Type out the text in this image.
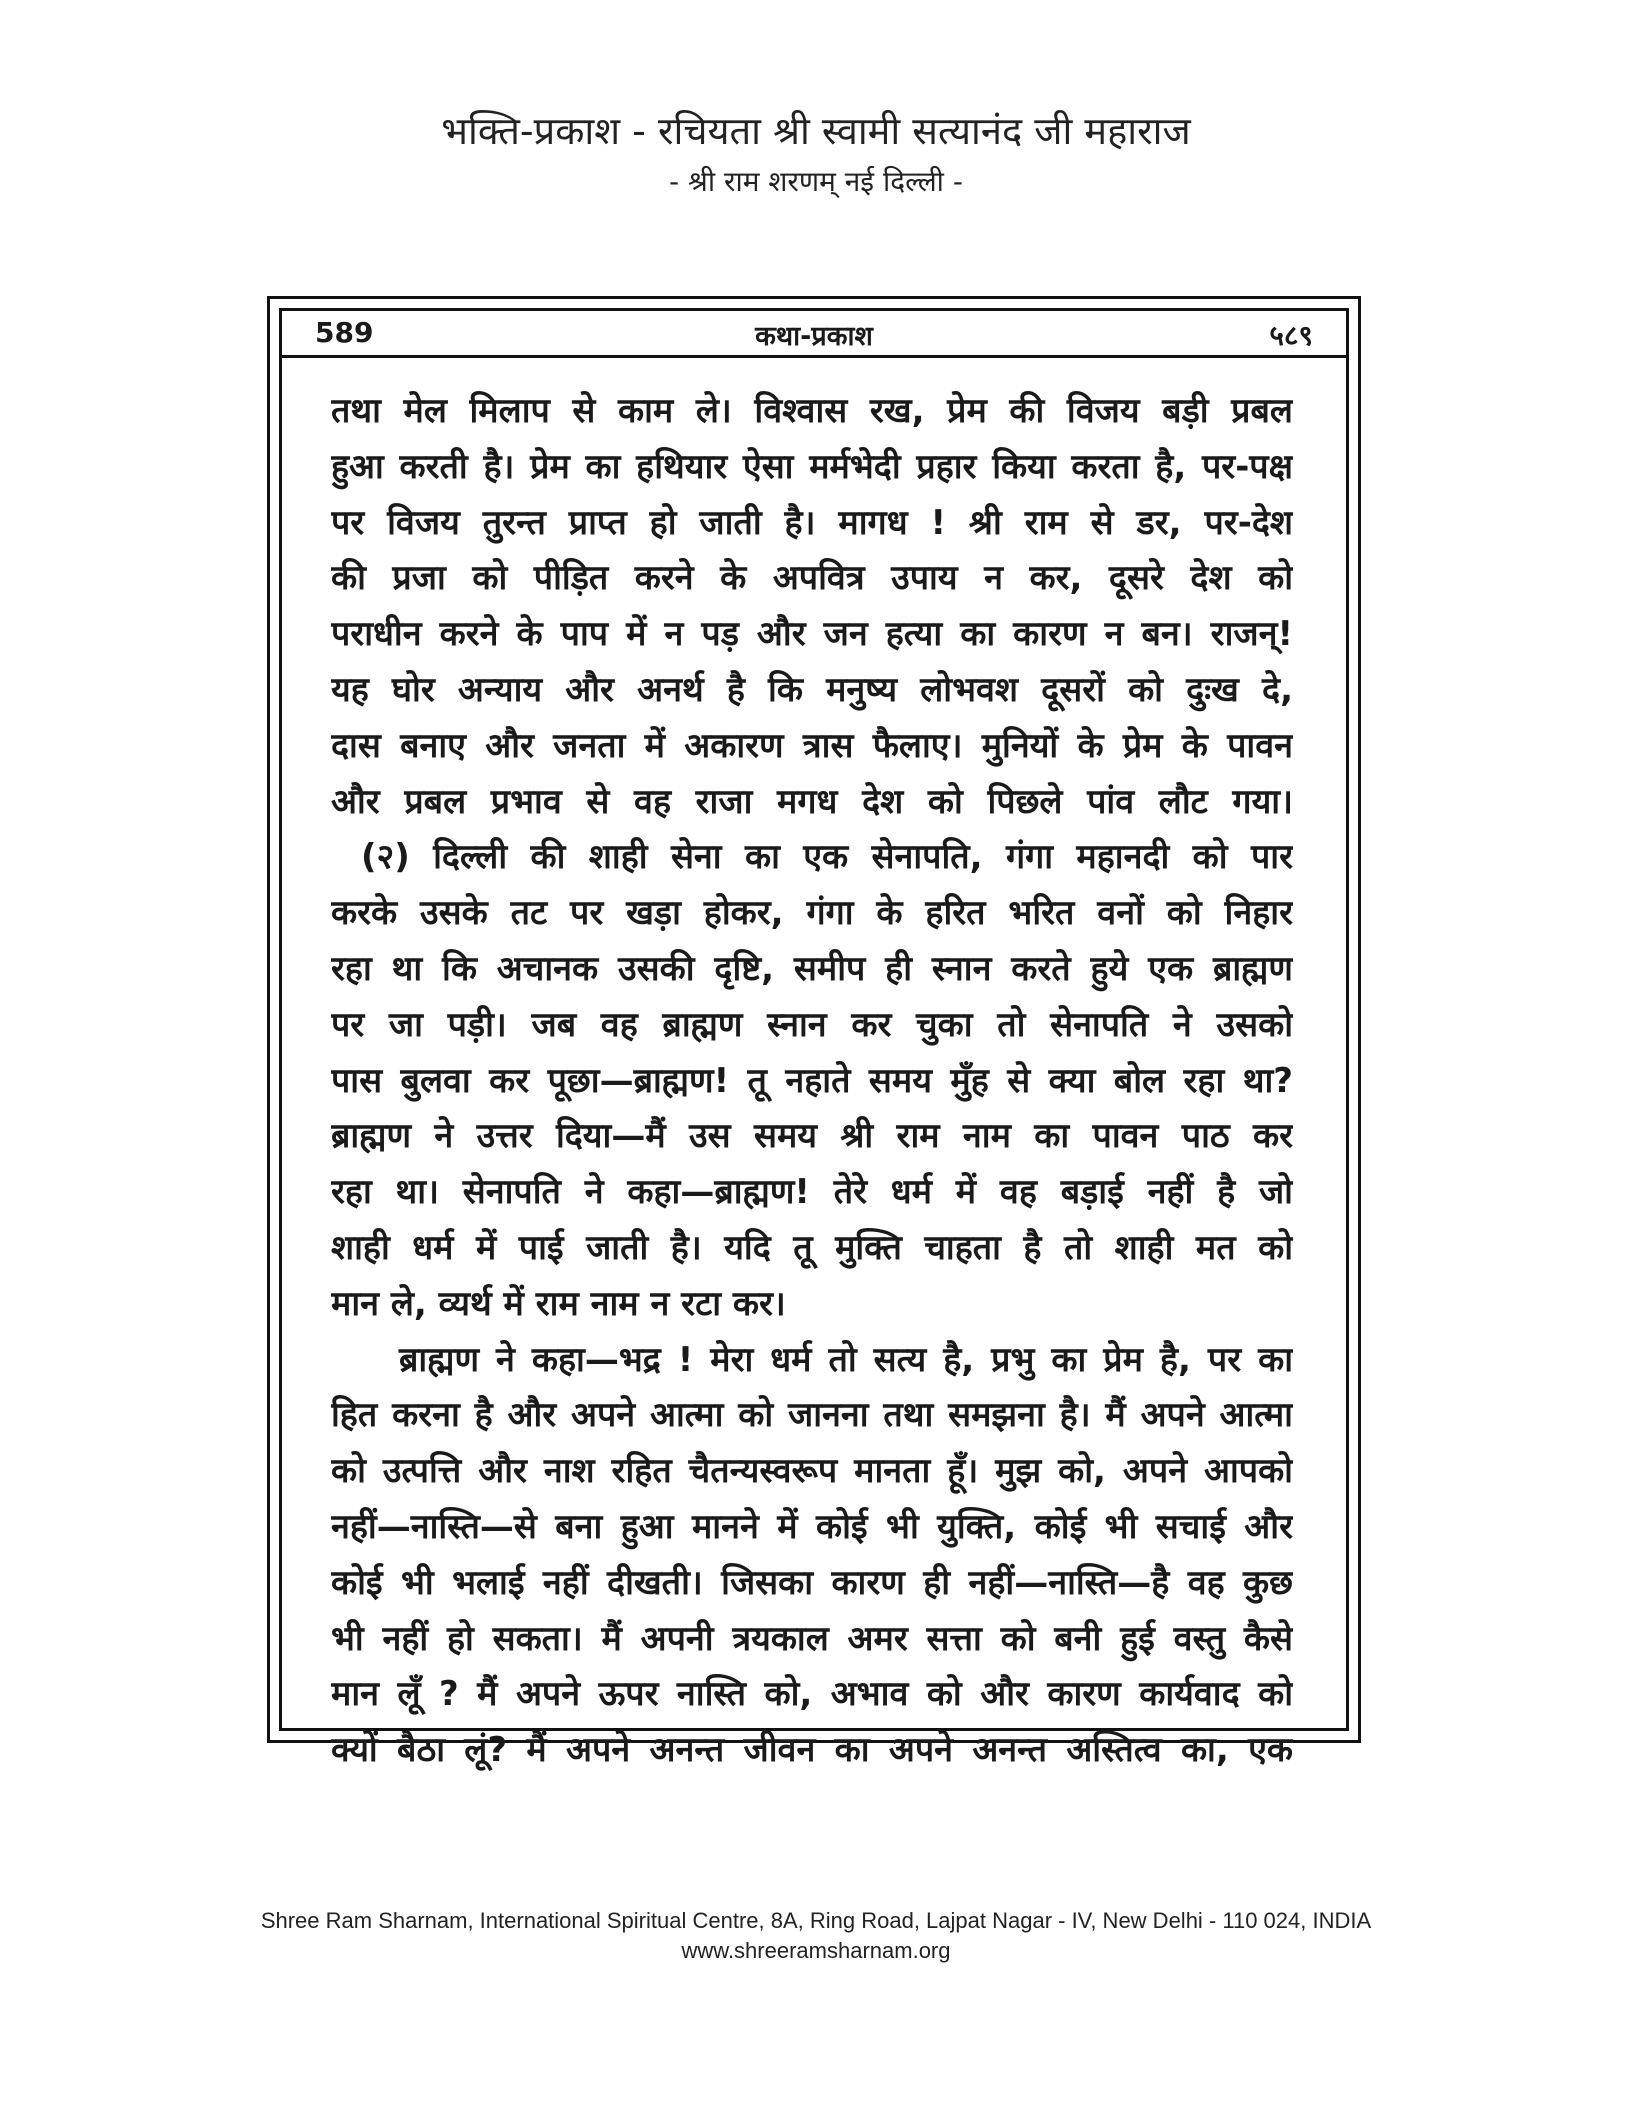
भक्ति-प्रकाश - रचियता श्री स्वामी सत्यानंद जी महाराज
- श्री राम शरणम् नई दिल्ली -
कथा-प्रकाश
589	५८९
तथा मेल मिलाप से काम ले। विश्वास रख, प्रेम की विजय बड़ी प्रबल
हुआ करती है। प्रेम का हथियार ऐसा मर्मभेदी प्रहार किया करता है, पर-पक्ष
पर विजय तुरन्त प्राप्त हो जाती है। मागध ! श्री राम से डर, पर-देश
की प्रजा को पीड़ित करने के अपवित्र उपाय न कर, दूसरे देश को
पराधीन करने के पाप में न पड़ और जन हत्या का कारण न बन। राजन्!
यह घोर अन्याय और अनर्थ है कि मनुष्य लोभवश दूसरों को दुःख दे,
दास बनाए और जनता में अकारण त्रास फैलाए। मुनियों के प्रेम के पावन
और प्रबल प्रभाव से वह राजा मगध देश को पिछले पांव लौट गया।
(२) दिल्ली की शाही सेना का एक सेनापति, गंगा महानदी को पार
करके उसके तट पर खड़ा होकर, गंगा के हरित भरित वनों को निहार
रहा था कि अचानक उसकी दृष्टि, समीप ही स्नान करते हुये एक ब्राह्मण
पर जा पड़ी। जब वह ब्राह्मण स्नान कर चुका तो सेनापति ने उसको
पास बुलवा कर पूछा—ब्राह्मण! तू नहाते समय मुँह से क्या बोल रहा था?
ब्राह्मण ने उत्तर दिया—मैं उस समय श्री राम नाम का पावन पाठ कर
रहा था। सेनापति ने कहा—ब्राह्मण! तेरे धर्म में वह बड़ाई नहीं है जो
शाही धर्म में पाई जाती है। यदि तू मुक्ति चाहता है तो शाही मत को
मान ले, व्यर्थ में राम नाम न रटा कर।
ब्राह्मण ने कहा—भद्र ! मेरा धर्म तो सत्य है, प्रभु का प्रेम है, पर का
हित करना है और अपने आत्मा को जानना तथा समझना है। मैं अपने आत्मा
को उत्पत्ति और नाश रहित चैतन्यस्वरूप मानता हूँ। मुझ को, अपने आपको
नहीं—नास्ति—से बना हुआ मानने में कोई भी युक्ति, कोई भी सचाई और
कोई भी भलाई नहीं दीखती। जिसका कारण ही नहीं—नास्ति—है वह कुछ
भी नहीं हो सकता। मैं अपनी त्रयकाल अमर सत्ता को बनी हुई वस्तु कैसे
मान लूँ ? मैं अपने ऊपर नास्ति को, अभाव को और कारण कार्यवाद को
क्यों बैठा लूं? मैं अपने अनन्त जीवन का अपने अनन्त अस्तित्व का, एक
Shree Ram Sharnam, International Spiritual Centre, 8A, Ring Road, Lajpat Nagar - IV, New Delhi - 110 024, INDIA
www.shreeramsharnam.org
